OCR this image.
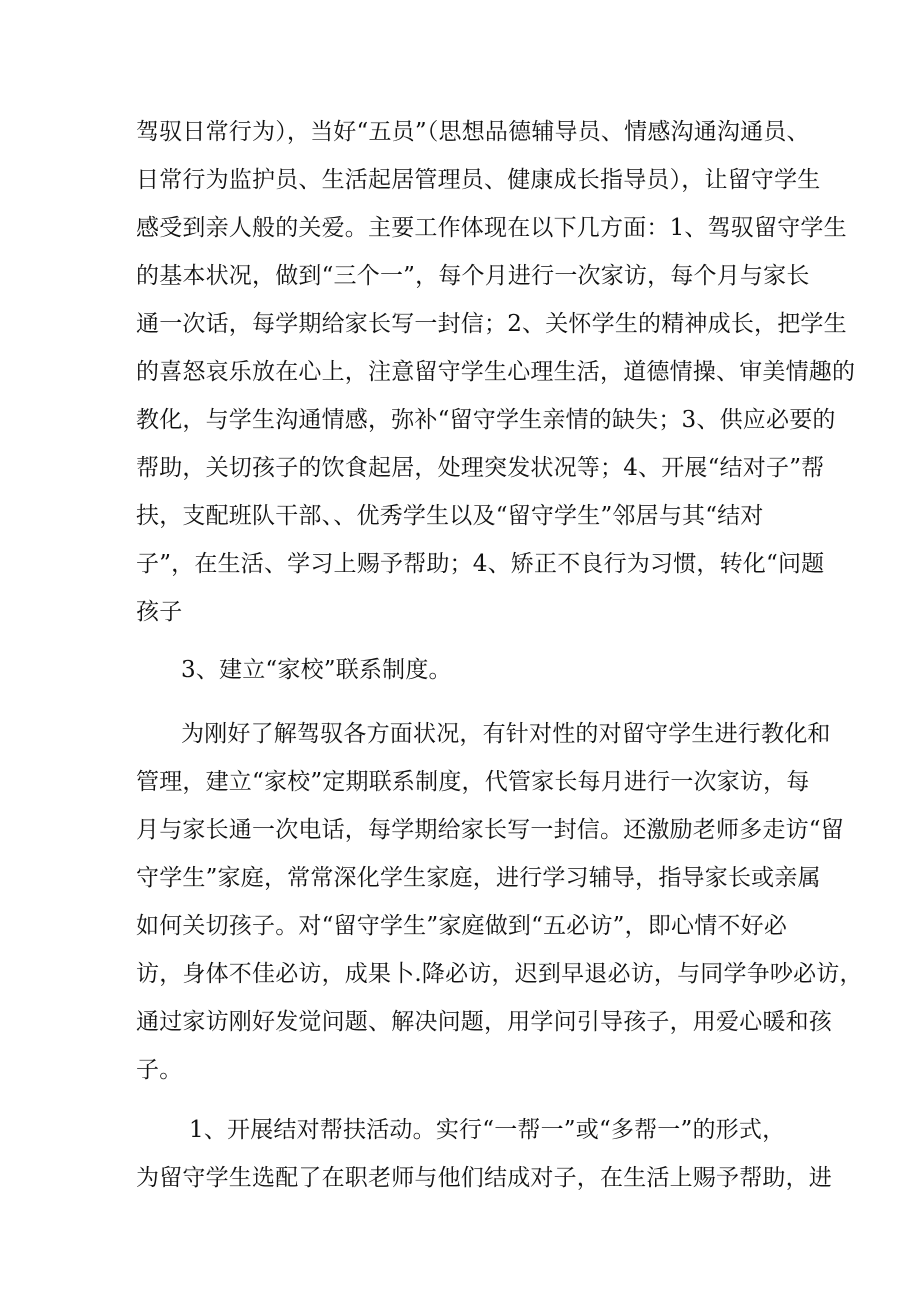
驾驭日常行为），当好“五员”（思想品德辅导员、情感沟通沟通员、
日常行为监护员、生活起居管理员、健康成长指导员），让留守学生
感受到亲人般的关爱。主要工作体现在以下几方面：1、驾驭留守学生
的基本状况，做到“三个一”，每个月进行一次家访，每个月与家长
通一次话，每学期给家长写一封信；2、关怀学生的精神成长，把学生
的喜怒哀乐放在心上，注意留守学生心理生活，道德情操、审美情趣的
教化，与学生沟通情感，弥补“留守学生亲情的缺失；3、供应必要的
帮助，关切孩子的饮食起居，处理突发状况等；4、开展“结对子”帮
扶，支配班队干部、、优秀学生以及“留守学生”邻居与其“结对
子”，在生活、学习上赐予帮助；4、矫正不良行为习惯，转化“问题
孩子
3、建立“家校”联系制度。
为刚好了解驾驭各方面状况，有针对性的对留守学生进行教化和
管理，建立“家校”定期联系制度，代管家长每月进行一次家访，每
月与家长通一次电话，每学期给家长写一封信。还激励老师多走访“留
守学生”家庭，常常深化学生家庭，进行学习辅导，指导家长或亲属
如何关切孩子。对“留守学生”家庭做到“五必访”，即心情不好必
访，身体不佳必访，成果卜.降必访，迟到早退必访，与同学争吵必访，
通过家访刚好发觉问题、解决问题，用学问引导孩子，用爱心暖和孩
子。
1、开展结对帮扶活动。实行“一帮一”或“多帮一”的形式，
为留守学生选配了在职老师与他们结成对子，在生活上赐予帮助，进
